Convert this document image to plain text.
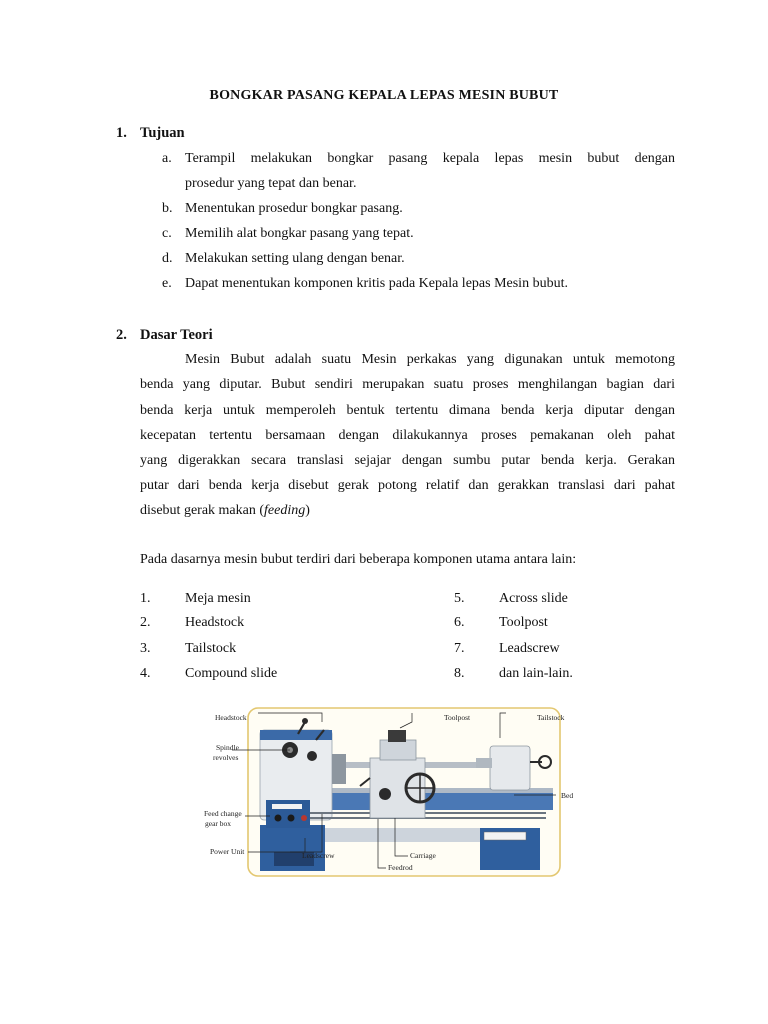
BONGKAR PASANG KEPALA LEPAS MESIN BUBUT
1. Tujuan
a. Terampil melakukan bongkar pasang kepala lepas mesin bubut dengan
prosedur yang tepat dan benar.
b. Menentukan prosedur bongkar pasang.
c. Memilih alat bongkar pasang yang tepat.
d. Melakukan setting ulang dengan benar.
e. Dapat menentukan komponen kritis pada Kepala lepas Mesin bubut.
2. Dasar Teori
Mesin Bubut adalah suatu Mesin perkakas yang digunakan untuk memotong
benda yang diputar. Bubut sendiri merupakan suatu proses menghilangan bagian dari
benda kerja untuk memperoleh bentuk tertentu dimana benda kerja diputar dengan
kecepatan tertentu bersamaan dengan dilakukannya proses pemakanan oleh pahat
yang digerakkan secara translasi sejajar dengan sumbu putar benda kerja. Gerakan
putar dari benda kerja disebut gerak potong relatif dan gerakkan translasi dari pahat
disebut gerak makan (feeding)
Pada dasarnya mesin bubut terdiri dari beberapa komponen utama antara lain:
1. Meja mesin
2. Headstock
3. Tailstock
4. Compound slide
5. Across slide
6. Toolpost
7. Leadscrew
8. dan lain-lain.
Headstock	Toolpost	Tailstock
Spindle
revolves
Bed
Feed change
gear box
Power Unit	Leadscrew	Carriage
Feedrod
